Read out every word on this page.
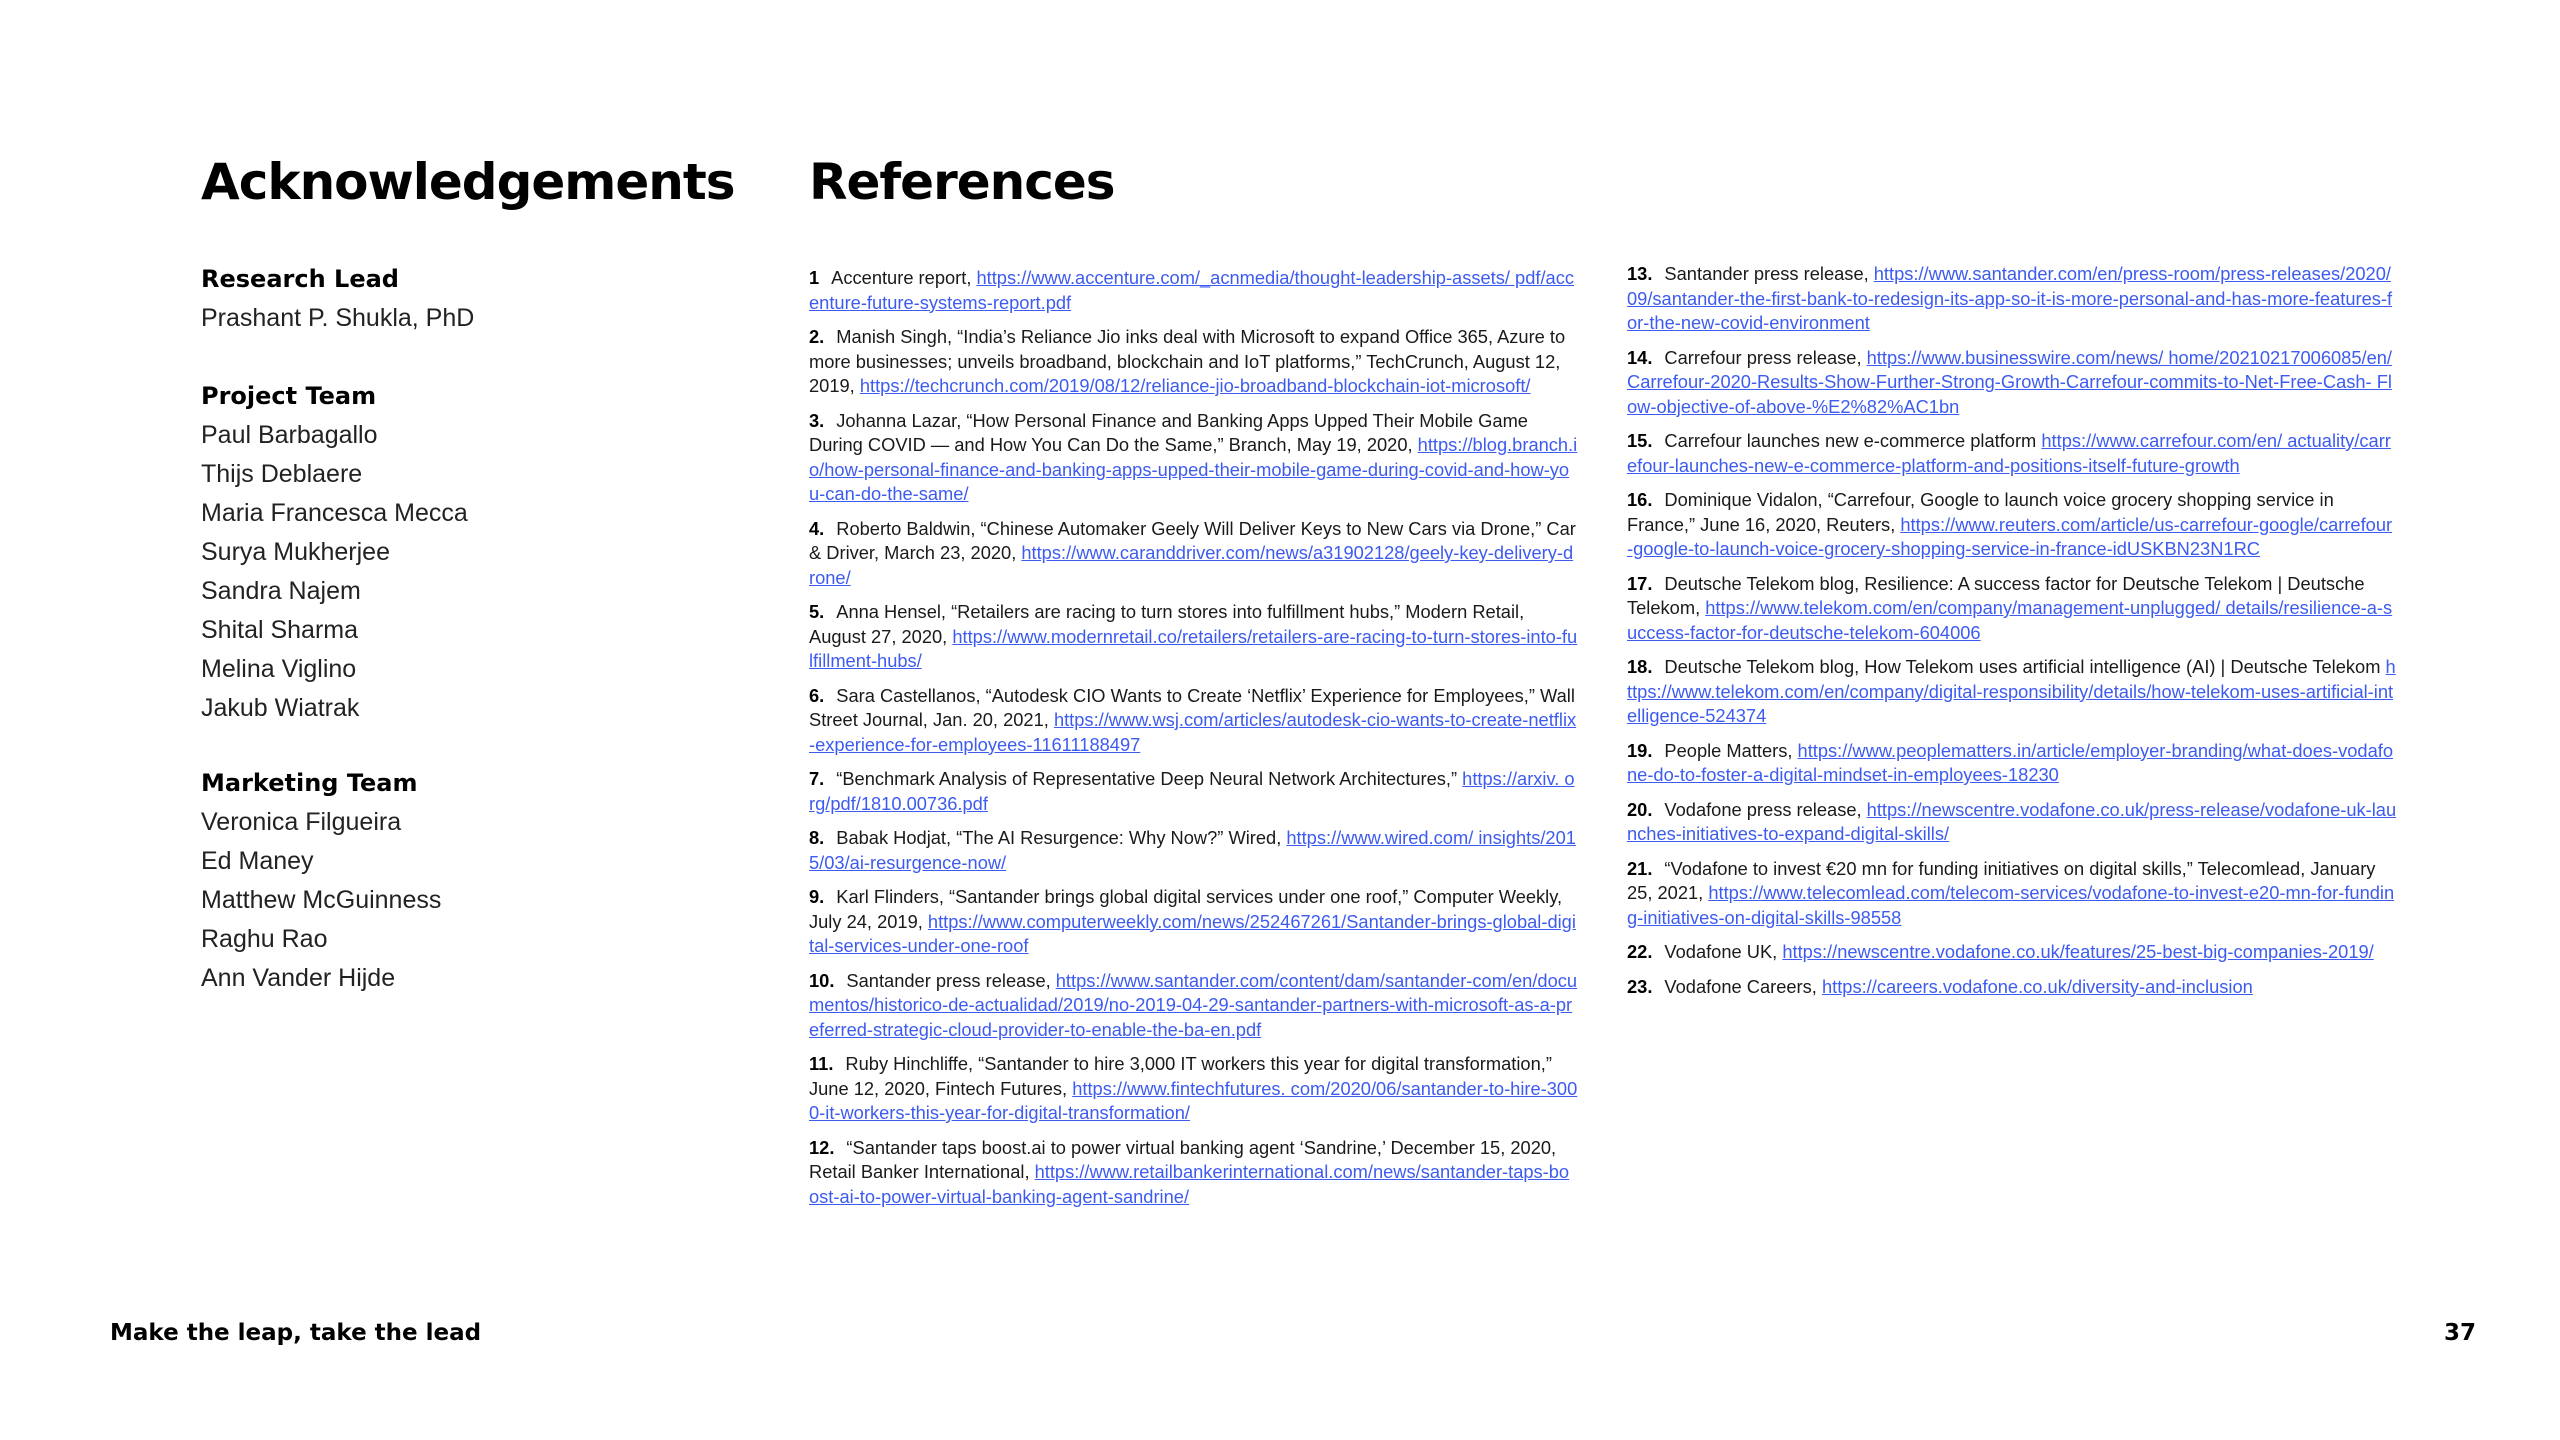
Acknowledgements
Research Lead
Prashant P. Shukla, PhD
Project Team
Paul Barbagallo
Thijs Deblaere
Maria Francesca Mecca
Surya Mukherjee
Sandra Najem
Shital Sharma
Melina Viglino
Jakub Wiatrak
Marketing Team
Veronica Filgueira
Ed Maney
Matthew McGuinness
Raghu Rao
Ann Vander Hijde
References
1 Accenture report, https://www.accenture.com/_acnmedia/thought-leadership-assets/ pdf/accenture-future-systems-report.pdf
2. Manish Singh, “India’s Reliance Jio inks deal with Microsoft to expand Office 365, Azure to more businesses; unveils broadband, blockchain and IoT platforms,” TechCrunch, August 12, 2019, https://techcrunch.com/2019/08/12/reliance-jio-broadband-blockchain-iot-microsoft/
3. Johanna Lazar, “How Personal Finance and Banking Apps Upped Their Mobile Game During COVID — and How You Can Do the Same,” Branch, May 19, 2020, https://blog.branch.io/how-personal-finance-and-banking-apps-upped-their-mobile-game-during-covid-and-how-you-can-do-the-same/
4. Roberto Baldwin, “Chinese Automaker Geely Will Deliver Keys to New Cars via Drone,” Car & Driver, March 23, 2020, https://www.caranddriver.com/news/a31902128/geely-key-delivery-drone/
5. Anna Hensel, “Retailers are racing to turn stores into fulfillment hubs,” Modern Retail, August 27, 2020, https://www.modernretail.co/retailers/retailers-are-racing-to-turn-stores-into-fulfillment-hubs/
6. Sara Castellanos, “Autodesk CIO Wants to Create ‘Netflix’ Experience for Employees,” Wall Street Journal, Jan. 20, 2021, https://www.wsj.com/articles/autodesk-cio-wants-to-create-netflix-experience-for-employees-11611188497
7. “Benchmark Analysis of Representative Deep Neural Network Architectures,” https://arxiv. org/pdf/1810.00736.pdf
8. Babak Hodjat, “The AI Resurgence: Why Now?” Wired, https://www.wired.com/ insights/2015/03/ai-resurgence-now/
9. Karl Flinders, “Santander brings global digital services under one roof,” Computer Weekly, July 24, 2019, https://www.computerweekly.com/news/252467261/Santander-brings-global-digital-services-under-one-roof
10. Santander press release, https://www.santander.com/content/dam/santander-com/en/documentos/historico-de-actualidad/2019/no-2019-04-29-santander-partners-with-microsoft-as-a-preferred-strategic-cloud-provider-to-enable-the-ba-en.pdf
11. Ruby Hinchliffe, “Santander to hire 3,000 IT workers this year for digital transformation,” June 12, 2020, Fintech Futures, https://www.fintechfutures. com/2020/06/santander-to-hire-3000-it-workers-this-year-for-digital-transformation/
12. “Santander taps boost.ai to power virtual banking agent ‘Sandrine,’ December 15, 2020, Retail Banker International, https://www.retailbankerinternational.com/news/santander-taps-boost-ai-to-power-virtual-banking-agent-sandrine/
13. Santander press release, https://www.santander.com/en/press-room/press-releases/2020/09/santander-the-first-bank-to-redesign-its-app-so-it-is-more-personal-and-has-more-features-for-the-new-covid-environment
14. Carrefour press release, https://www.businesswire.com/news/ home/20210217006085/en/ Carrefour-2020-Results-Show-Further-Strong-Growth-Carrefour-commits-to-Net-Free-Cash- Flow-objective-of-above-%E2%82%AC1bn
15. Carrefour launches new e-commerce platform https://www.carrefour.com/en/ actuality/carrefour-launches-new-e-commerce-platform-and-positions-itself-future-growth
16. Dominique Vidalon, “Carrefour, Google to launch voice grocery shopping service in France,” June 16, 2020, Reuters, https://www.reuters.com/article/us-carrefour-google/carrefour-google-to-launch-voice-grocery-shopping-service-in-france-idUSKBN23N1RC
17. Deutsche Telekom blog, Resilience: A success factor for Deutsche Telekom | Deutsche Telekom, https://www.telekom.com/en/company/management-unplugged/ details/resilience-a-success-factor-for-deutsche-telekom-604006
18. Deutsche Telekom blog, How Telekom uses artificial intelligence (AI) | Deutsche Telekom https://www.telekom.com/en/company/digital-responsibility/details/how-telekom-uses-artificial-intelligence-524374
19. People Matters, https://www.peoplematters.in/article/employer-branding/what-does-vodafone-do-to-foster-a-digital-mindset-in-employees-18230
20. Vodafone press release, https://newscentre.vodafone.co.uk/press-release/vodafone-uk-launches-initiatives-to-expand-digital-skills/
21. “Vodafone to invest €20 mn for funding initiatives on digital skills,” Telecomlead, January 25, 2021, https://www.telecomlead.com/telecom-services/vodafone-to-invest-e20-mn-for-funding-initiatives-on-digital-skills-98558
22. Vodafone UK, https://newscentre.vodafone.co.uk/features/25-best-big-companies-2019/
23. Vodafone Careers, https://careers.vodafone.co.uk/diversity-and-inclusion
Make the leap, take the lead	37
